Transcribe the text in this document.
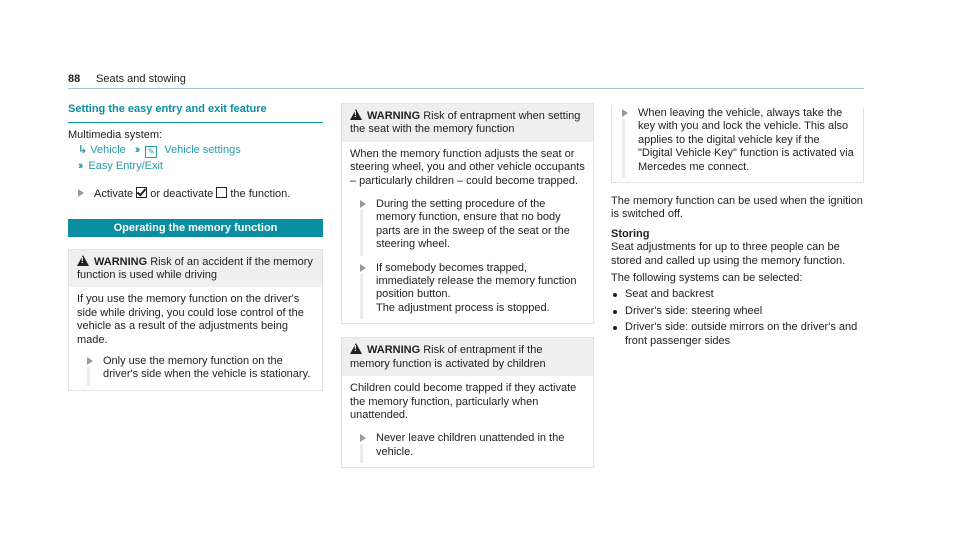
88 Seats and stowing
Setting the easy entry and exit feature
Multimedia system:
↳ Vehicle ›› ✎ Vehicle settings
›› Easy Entry/Exit
Activate or deactivate the function.
Operating the memory function
!WARNING Risk of an accident if the memory function is used while driving

If you use the memory function on the driver's side while driving, you could lose control of the vehicle as a result of the adjustments being made.

Only use the memory function on the driver's side when the vehicle is stationary.
!WARNING Risk of entrapment when setting the seat with the memory function

When the memory function adjusts the seat or steering wheel, you and other vehicle occupants – particularly children – could become trapped.

During the setting procedure of the memory function, ensure that no body parts are in the sweep of the seat or the steering wheel.
If somebody becomes trapped, immediately release the memory function position button.
The adjustment process is stopped.
!WARNING Risk of entrapment if the memory function is activated by children

Children could become trapped if they activate the memory function, particularly when unattended.

Never leave children unattended in the vehicle.
When leaving the vehicle, always take the key with you and lock the vehicle. This also applies to the digital vehicle key if the "Digital Vehicle Key" function is activated via Mercedes me connect.

The memory function can be used when the ignition is switched off.

Storing

Seat adjustments for up to three people can be stored and called up using the memory function.

The following systems can be selected:

Seat and backrest
Driver's side: steering wheel
Driver's side: outside mirrors on the driver's and front passenger sides
